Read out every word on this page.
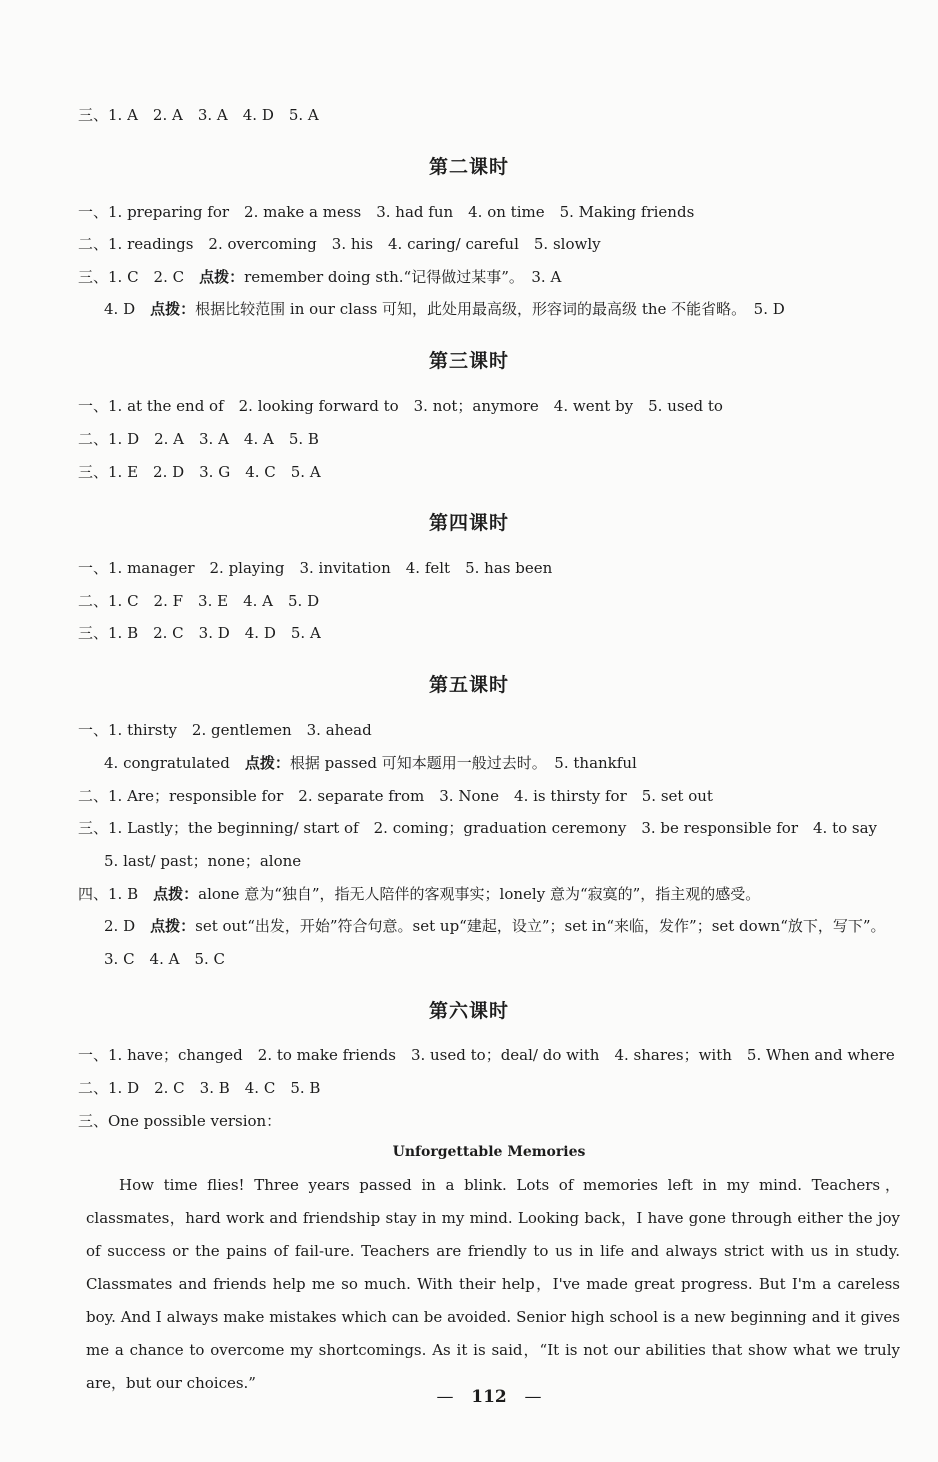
三、1. A　2. A　3. A　4. D　5. A
第二课时
一、1. preparing for　2. make a mess　3. had fun　4. on time　5. Making friends
二、1. readings　2. overcoming　3. his　4. caring/ careful　5. slowly
三、1. C　2. C　点拨：remember doing sth.“记得做过某事”。　3. A
4. D　点拨：根据比较范围 in our class 可知，此处用最高级，形容词的最高级 the 不能省略。　5. D
第三课时
一、1. at the end of　2. looking forward to　3. not；anymore　4. went by　5. used to
二、1. D　2. A　3. A　4. A　5. B
三、1. E　2. D　3. G　4. C　5. A
第四课时
一、1. manager　2. playing　3. invitation　4. felt　5. has been
二、1. C　2. F　3. E　4. A　5. D
三、1. B　2. C　3. D　4. D　5. A
第五课时
一、1. thirsty　2. gentlemen　3. ahead
4. congratulated　点拨：根据 passed 可知本题用一般过去时。　5. thankful
二、1. Are；responsible for　2. separate from　3. None　4. is thirsty for　5. set out
三、1. Lastly；the beginning/ start of　2. coming；graduation ceremony　3. be responsible for　4. to say
5. last/ past；none；alone
四、1. B　点拨：alone 意为“独自”，指无人陪伴的客观事实；lonely 意为“寂寞的”，指主观的感受。
2. D　点拨：set out“出发，开始”符合句意。set up“建起，设立”；set in“来临，发作”；set down“放下，写下”。
3. C　4. A　5. C
第六课时
一、1. have；changed　2. to make friends　3. used to；deal/ do with　4. shares；with　5. When and where
二、1. D　2. C　3. B　4. C　5. B
三、One possible version：
Unforgettable Memories
How time flies! Three years passed in a blink. Lots of memories left in my mind. Teachers，classmates，hard work and friendship stay in my mind. Looking back，I have gone through either the joy of success or the pains of fail-ure. Teachers are friendly to us in life and always strict with us in study. Classmates and friends help me so much. With their help，I've made great progress. But I'm a careless boy. And I always make mistakes which can be avoided. Senior high school is a new beginning and it gives me a chance to overcome my shortcomings. As it is said，“It is not our abilities that show what we truly are，but our choices.”
— 112 —
